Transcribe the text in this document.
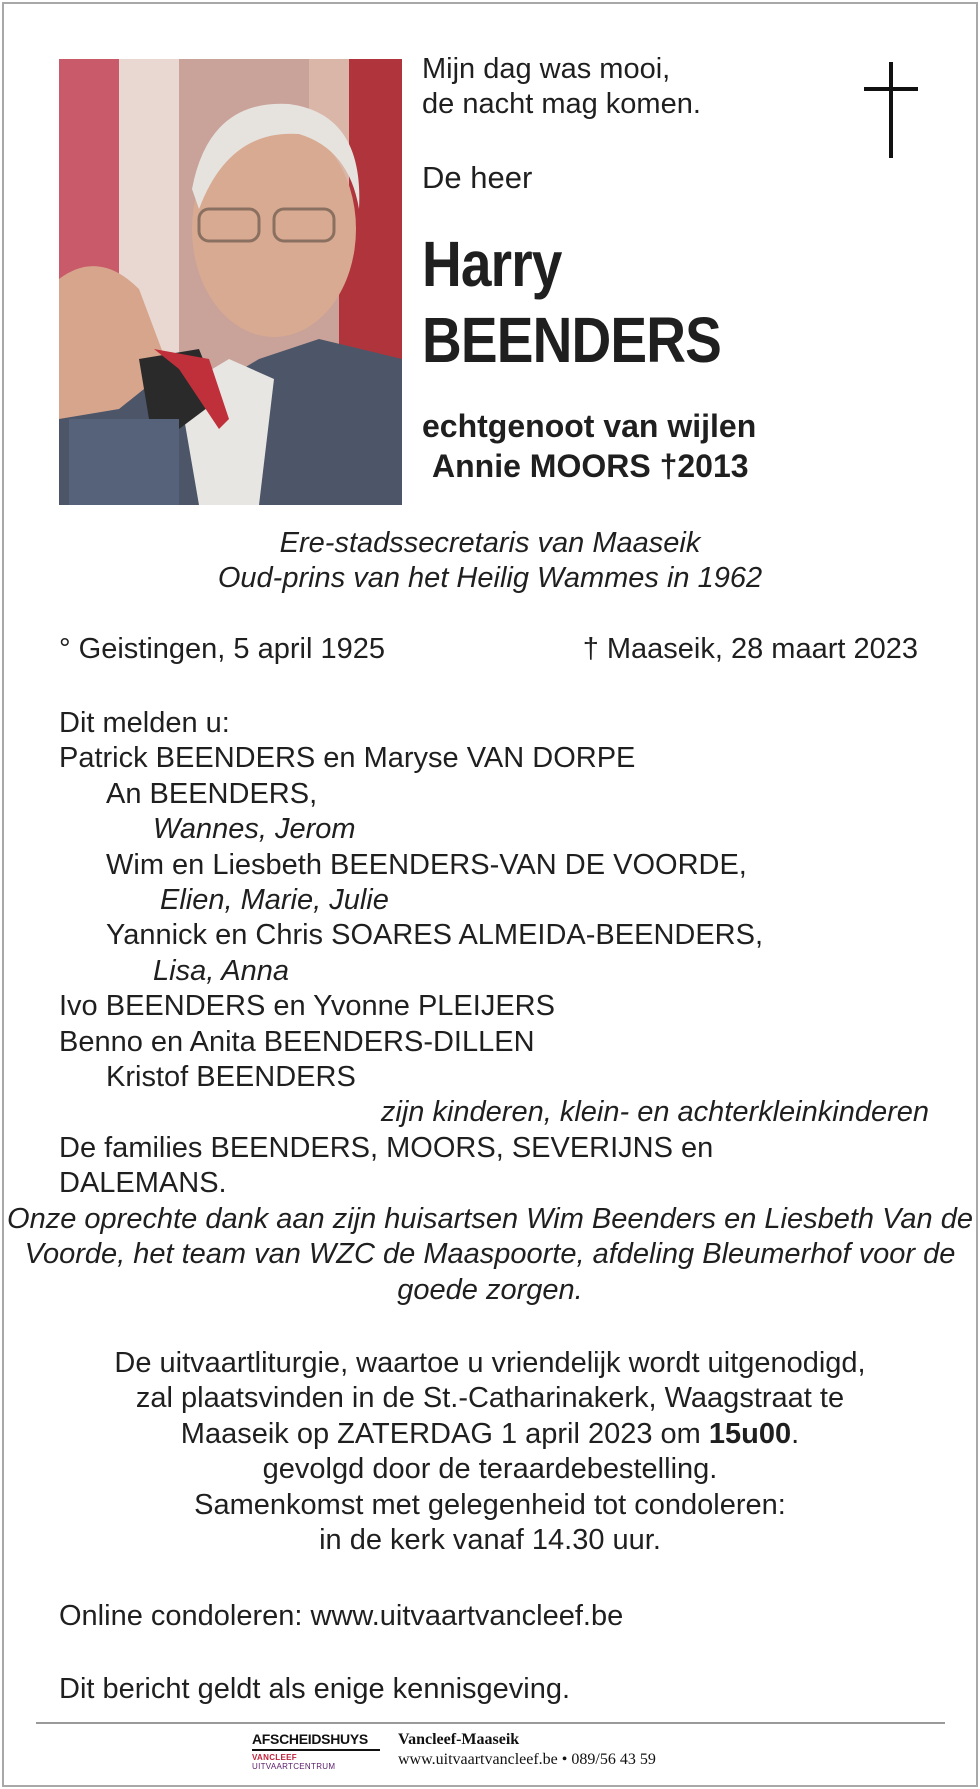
Mijn dag was mooi,
de nacht mag komen.
De heer
Harry
BEENDERS
echtgenoot van wijlen
Annie MOORS †2013
Ere-stadssecretaris van Maaseik
Oud-prins van het Heilig Wammes in 1962
° Geistingen, 5 april 1925	† Maaseik, 28 maart 2023
Dit melden u:
Patrick BEENDERS en Maryse VAN DORPE
An BEENDERS,
Wannes, Jerom
Wim en Liesbeth BEENDERS-VAN DE VOORDE,
Elien, Marie, Julie
Yannick en Chris SOARES ALMEIDA-BEENDERS,
Lisa, Anna
Ivo BEENDERS en Yvonne PLEIJERS
Benno en Anita BEENDERS-DILLEN
Kristof BEENDERS
zijn kinderen, klein- en achterkleinkinderen
De families BEENDERS, MOORS, SEVERIJNS en
DALEMANS.
Onze oprechte dank aan zijn huisartsen Wim Beenders en Liesbeth Van de Voorde, het team van WZC de Maaspoorte, afdeling Bleumerhof voor de goede zorgen.
De uitvaartliturgie, waartoe u vriendelijk wordt uitgenodigd,
zal plaatsvinden in de St.-Catharinakerk, Waagstraat te
Maaseik op ZATERDAG 1 april 2023 om 15u00.
gevolgd door de teraardebestelling.
Samenkomst met gelegenheid tot condoleren:
in de kerk vanaf 14.30 uur.
Online condoleren: www.uitvaartvancleef.be
Dit bericht geldt als enige kennisgeving.
AFSCHEIDSHUYS
VANCLEEF UITVAARTCENTRUM
Vancleef-Maaseik
www.uitvaartvancleef.be • 089/56 43 59
